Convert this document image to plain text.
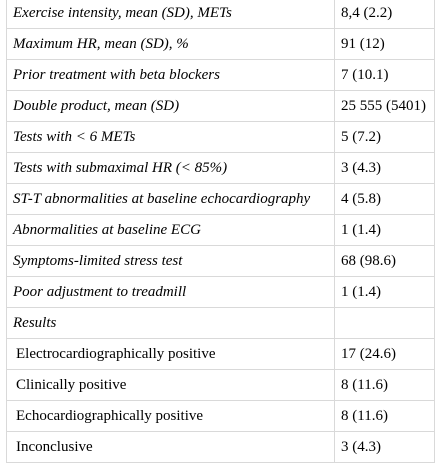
Exercise intensity, mean (SD), METs	8,4 (2.2)
Maximum HR, mean (SD), %	91 (12)
Prior treatment with beta blockers	7 (10.1)
Double product, mean (SD)	25 555 (5401)
Tests with < 6 METs	5 (7.2)
Tests with submaximal HR (< 85%)	3 (4.3)
ST-T abnormalities at baseline echocardiography	4 (5.8)
Abnormalities at baseline ECG	1 (1.4)
Symptoms-limited stress test	68 (98.6)
Poor adjustment to treadmill	1 (1.4)
Results	
Electrocardiographically positive	17 (24.6)
Clinically positive	8 (11.6)
Echocardiographically positive	8 (11.6)
Inconclusive	3 (4.3)
